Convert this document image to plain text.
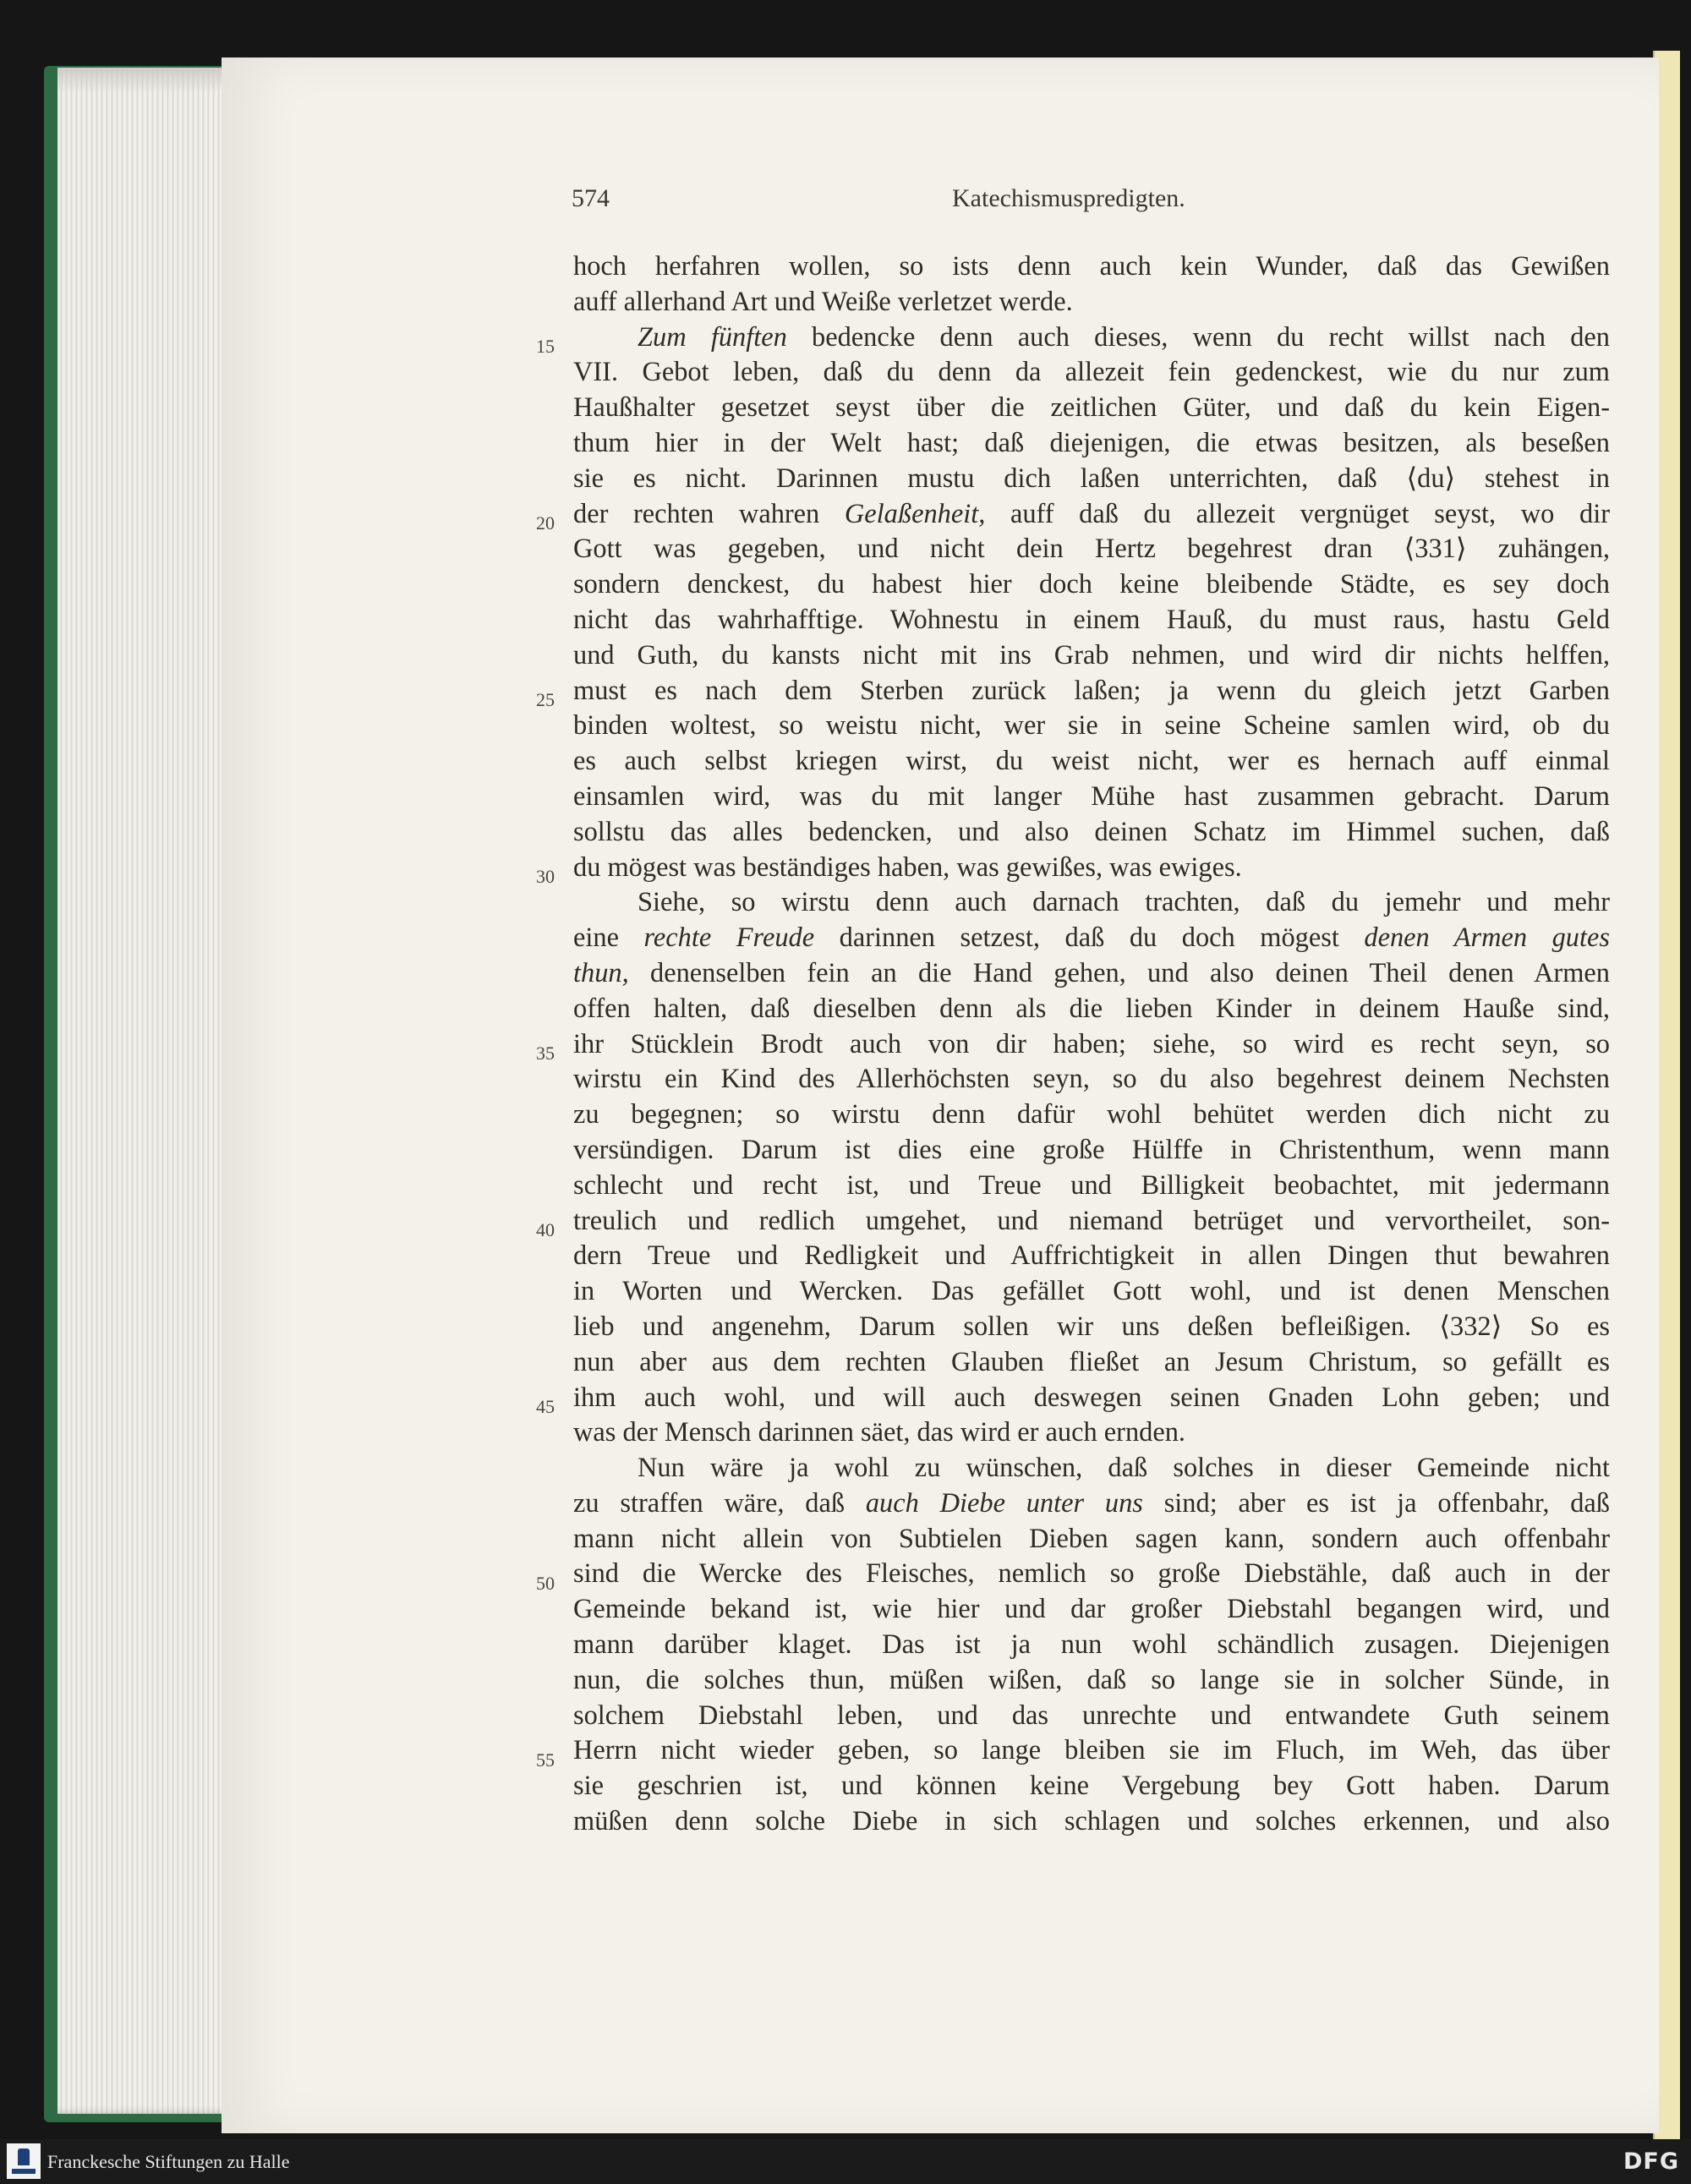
574	Katechismuspredigten.
15
20
25
30
35
40
45
50
55
hoch herfahren wollen, so ists denn auch kein Wunder, daß das Gewißen
auff allerhand Art und Weiße verletzet werde.
Zum fünften bedencke denn auch dieses, wenn du recht willst nach den
VII. Gebot leben, daß du denn da allezeit fein gedenckest, wie du nur zum
Haußhalter gesetzet seyst über die zeitlichen Güter, und daß du kein Eigen-
thum hier in der Welt hast; daß diejenigen, die etwas besitzen, als beseßen
sie es nicht. Darinnen mustu dich laßen unterrichten, daß ⟨du⟩ stehest in
der rechten wahren Gelaßenheit, auff daß du allezeit vergnüget seyst, wo dir
Gott was gegeben, und nicht dein Hertz begehrest dran ⟨331⟩ zuhängen,
sondern denckest, du habest hier doch keine bleibende Städte, es sey doch
nicht das wahrhafftige. Wohnestu in einem Hauß, du must raus, hastu Geld
und Guth, du kansts nicht mit ins Grab nehmen, und wird dir nichts helffen,
must es nach dem Sterben zurück laßen; ja wenn du gleich jetzt Garben
binden woltest, so weistu nicht, wer sie in seine Scheine samlen wird, ob du
es auch selbst kriegen wirst, du weist nicht, wer es hernach auff einmal
einsamlen wird, was du mit langer Mühe hast zusammen gebracht. Darum
sollstu das alles bedencken, und also deinen Schatz im Himmel suchen, daß
du mögest was beständiges haben, was gewißes, was ewiges.
Siehe, so wirstu denn auch darnach trachten, daß du jemehr und mehr
eine rechte Freude darinnen setzest, daß du doch mögest denen Armen gutes
thun, denenselben fein an die Hand gehen, und also deinen Theil denen Armen
offen halten, daß dieselben denn als die lieben Kinder in deinem Hauße sind,
ihr Stücklein Brodt auch von dir haben; siehe, so wird es recht seyn, so
wirstu ein Kind des Allerhöchsten seyn, so du also begehrest deinem Nechsten
zu begegnen; so wirstu denn dafür wohl behütet werden dich nicht zu
versündigen. Darum ist dies eine große Hülffe in Christenthum, wenn mann
schlecht und recht ist, und Treue und Billigkeit beobachtet, mit jedermann
treulich und redlich umgehet, und niemand betrüget und vervortheilet, son-
dern Treue und Redligkeit und Auffrichtigkeit in allen Dingen thut bewahren
in Worten und Wercken. Das gefället Gott wohl, und ist denen Menschen
lieb und angenehm, Darum sollen wir uns deßen befleißigen. ⟨332⟩ So es
nun aber aus dem rechten Glauben fließet an Jesum Christum, so gefällt es
ihm auch wohl, und will auch deswegen seinen Gnaden Lohn geben; und
was der Mensch darinnen säet, das wird er auch ernden.
Nun wäre ja wohl zu wünschen, daß solches in dieser Gemeinde nicht
zu straffen wäre, daß auch Diebe unter uns sind; aber es ist ja offenbahr, daß
mann nicht allein von Subtielen Dieben sagen kann, sondern auch offenbahr
sind die Wercke des Fleisches, nemlich so große Diebstähle, daß auch in der
Gemeinde bekand ist, wie hier und dar großer Diebstahl begangen wird, und
mann darüber klaget. Das ist ja nun wohl schändlich zusagen. Diejenigen
nun, die solches thun, müßen wißen, daß so lange sie in solcher Sünde, in
solchem Diebstahl leben, und das unrechte und entwandete Guth seinem
Herrn nicht wieder geben, so lange bleiben sie im Fluch, im Weh, das über
sie geschrien ist, und können keine Vergebung bey Gott haben. Darum
müßen denn solche Diebe in sich schlagen und solches erkennen, und also
Franckesche Stiftungen zu Halle	DFG
